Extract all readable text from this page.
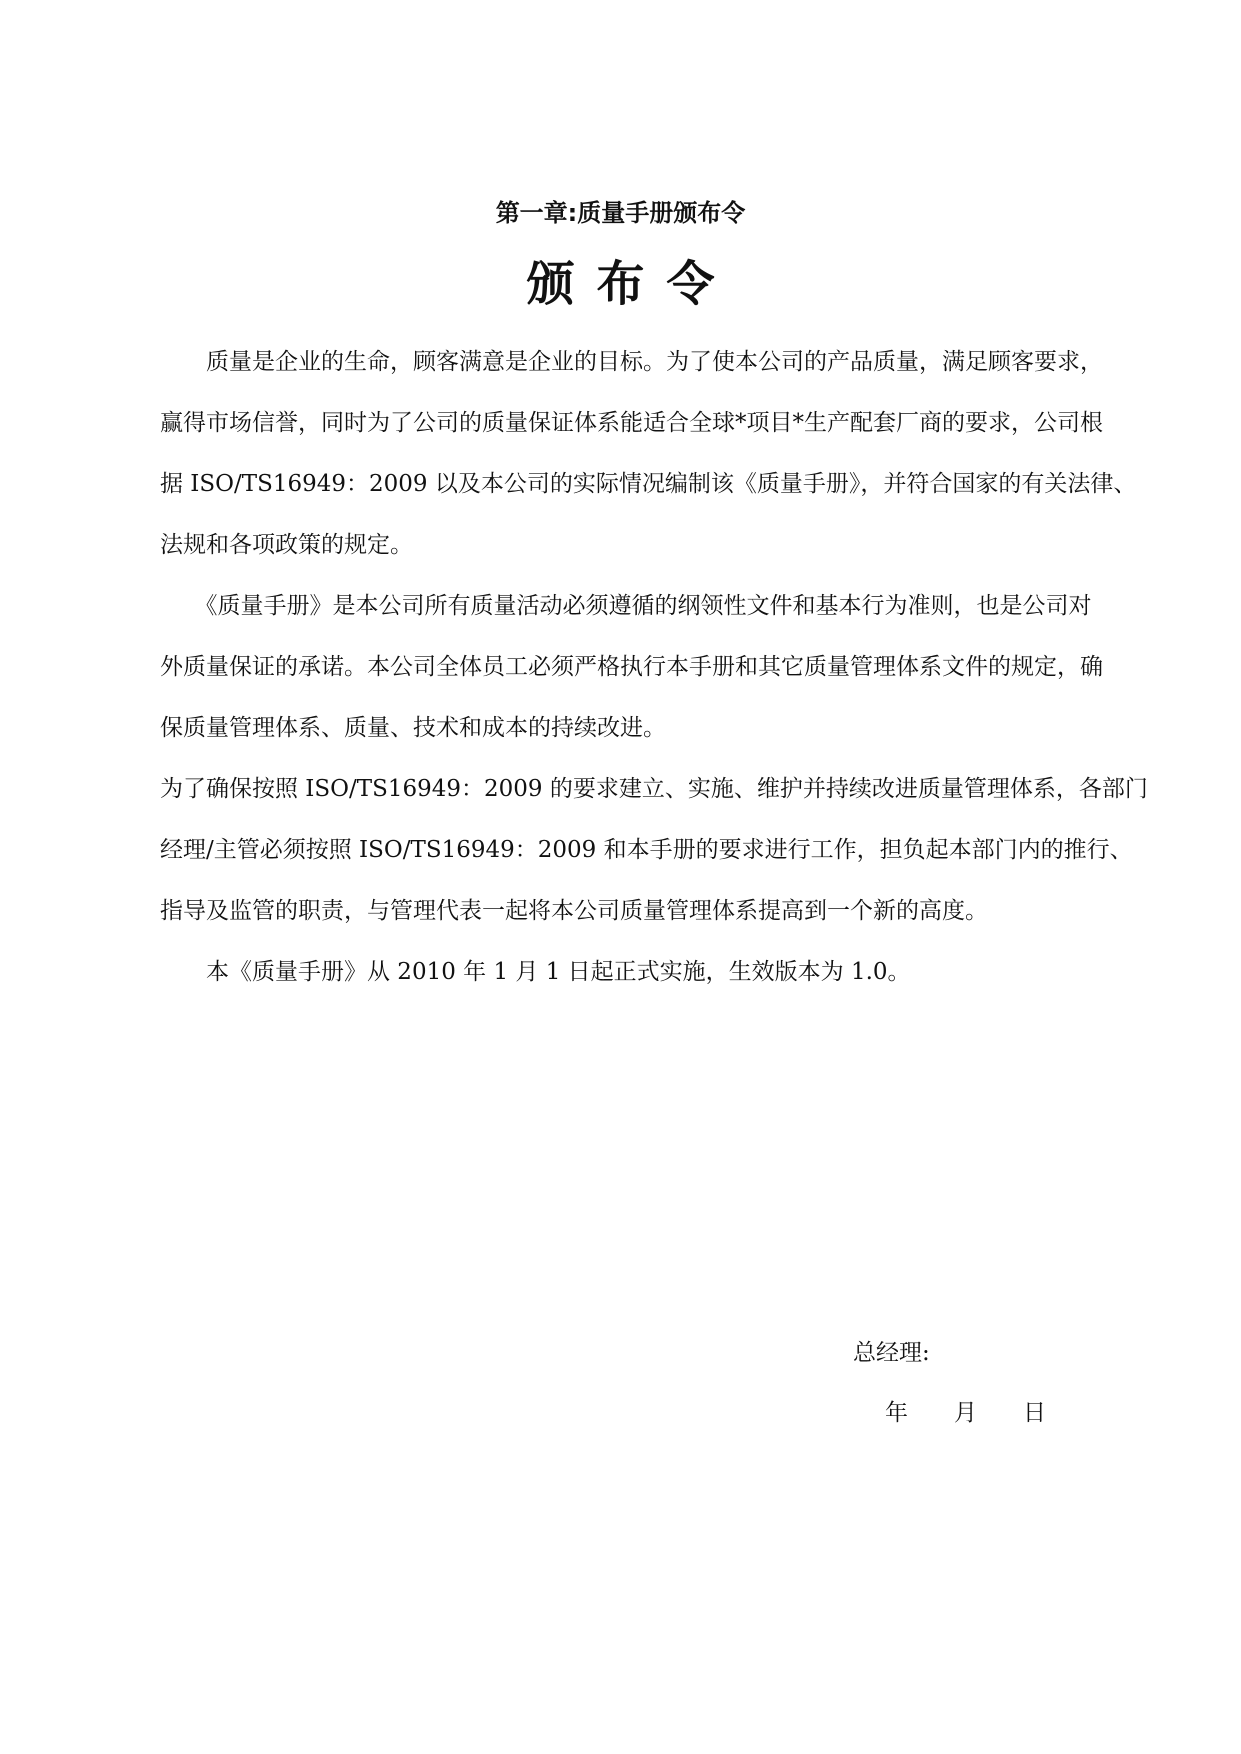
第一章:质量手册颁布令
颁布令
　　质量是企业的生命，顾客满意是企业的目标。为了使本公司的产品质量，满足顾客要求，
赢得市场信誉，同时为了公司的质量保证体系能适合全球*项目*生产配套厂商的要求，公司根
据 ISO/TS16949：2009 以及本公司的实际情况编制该《质量手册》，并符合国家的有关法律、
法规和各项政策的规定。
　　《质量手册》是本公司所有质量活动必须遵循的纲领性文件和基本行为准则，也是公司对
外质量保证的承诺。本公司全体员工必须严格执行本手册和其它质量管理体系文件的规定，确
保质量管理体系、质量、技术和成本的持续改进。
为了确保按照 ISO/TS16949：2009 的要求建立、实施、维护并持续改进质量管理体系，各部门
经理/主管必须按照 ISO/TS16949：2009 和本手册的要求进行工作，担负起本部门内的推行、
指导及监管的职责，与管理代表一起将本公司质量管理体系提高到一个新的高度。
　　本《质量手册》从 2010 年 1 月 1 日起正式实施，生效版本为 1.0。
总经理:
年　　月　　日
